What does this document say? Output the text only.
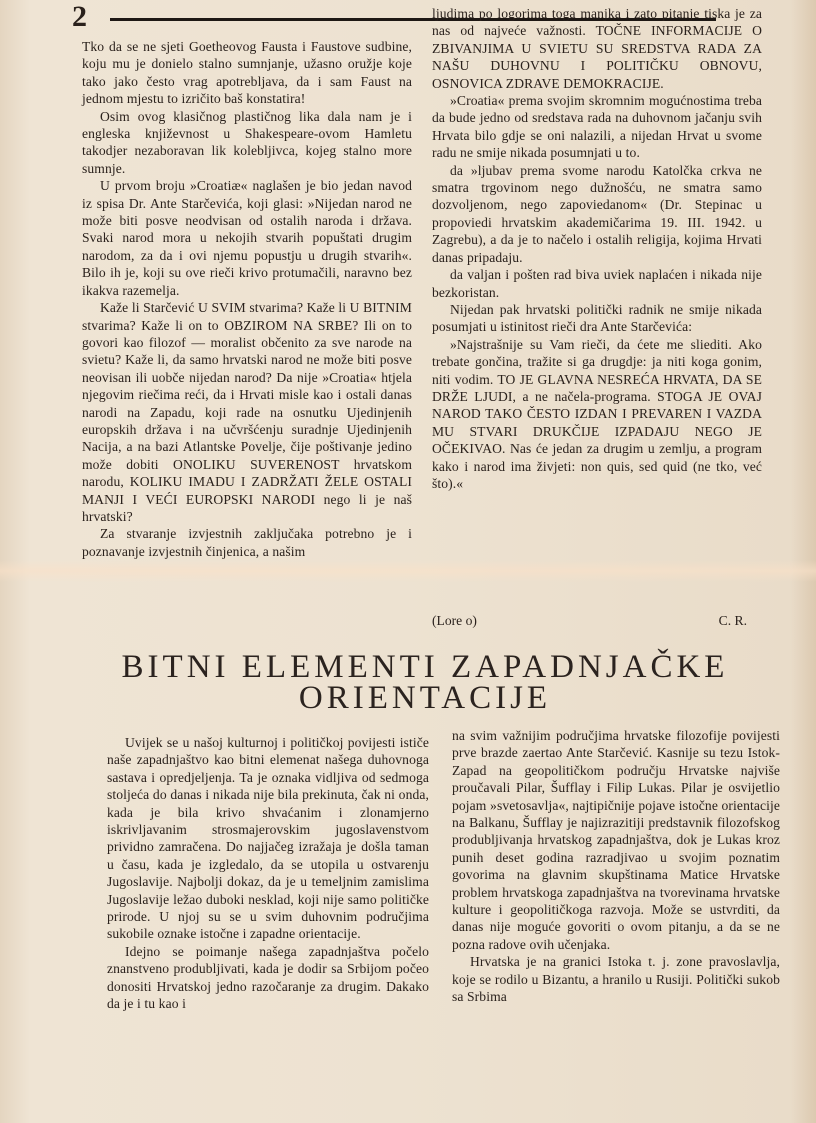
2

Tko da se ne sjeti Goetheovog Fausta i Faustove sudbine, koju mu je donielo stalno sumnjanje, užasno oružje koje tako jako često vrag apotrebljava, da i sam Faust na jednom mjestu to izričito baš konstatira!

Osim ovog klasičnog plastičnog lika dala nam je i engleska književnost u Shakespeare-ovom Hamletu takodjer nezaboravan lik kolebljivca, kojeg stalno more sumnje.

U prvom broju »Croatiæ« naglašen je bio jedan navod iz spisa Dr. Ante Starčevića, koji glasi: »Nijedan narod ne može biti posve neodvisan od ostalih naroda i država. Svaki narod mora u nekojih stvarih popuštati drugim narodom, za da i ovi njemu popustju u drugih stvarih«. Bilo ih je, koji su ove rieči krivo protumačili, naravno bez ikakva razemelja.

Kaže li Starčević U SVIM stvarima? Kaže li U BITNIM stvarima? Kaže li on to OBZIROM NA SRBE? Ili on to govori kao filozof — moralist občenito za sve narode na svietu? Kaže li, da samo hrvatski narod ne može biti posve neovisan ili uobče nijedan narod? Da nije »Croatia« htjela njegovim riečima reći, da i Hrvati misle kao i ostali danas narodi na Zapadu, koji rade na osnutku Ujedinjenih europskih država i na učvršćenju suradnje Ujedinjenih Nacija, a na bazi Atlantske Povelje, čije poštivanje jedino može dobiti ONOLIKU SUVERENOST hrvatskom narodu, KOLIKU IMADU I ZADRŽATI ŽELE OSTALI MANJI I VEĆI EUROPSKI NARODI nego li je naš hrvatski?

Za stvaranje izvjestnih zaključaka potrebno je i poznavanje izvjestnih činjenica, a našim

ljudima po logorima toga manjka i zato pitanje tiska je za nas od najveće važnosti. TOČNE INFORMACIJE O ZBIVANJIMA U SVIETU SU SREDSTVA RADA ZA NAŠU DUHOVNU I POLITIČKU OBNOVU, OSNOVICA ZDRAVE DEMOKRACIJE.

»Croatia« prema svojim skromnim mogućnostima treba da bude jedno od sredstava rada na duhovnom jačanju svih Hrvata bilo gdje se oni nalazili, a nijedan Hrvat u svome radu ne smije nikada posumnjati u to.

da »ljubav prema svome narodu Katolčka crkva ne smatra trgovinom nego dužnošću, ne smatra samo dozvoljenom, nego zapoviedanom« (Dr. Stepinac u propoviedi hrvatskim akademičarima 19. III. 1942. u Zagrebu), a da je to načelo i ostalih religija, kojima Hrvati danas pripadaju.

da valjan i pošten rad biva uviek naplaćen i nikada nije bezkoristan.

Nijedan pak hrvatski politički radnik ne smije nikada posumjati u istinitost rieči dra Ante Starčevića:

»Najstrašnije su Vam rieči, da ćete me sliediti. Ako trebate gončina, tražite si ga drugdje: ja niti koga gonim, niti vodim. TO JE GLAVNA NESREĆA HRVATA, DA SE DRŽE LJUDI, a ne načela-programa. STOGA JE OVAJ NAROD TAKO ČESTO IZDAN I PREVAREN I VAZDA MU STVARI DRUKČIJE IZPADAJU NEGO JE OČEKIVAO. Nas će jedan za drugim u zemlju, a program kako i narod ima živjeti: non quis, sed quid (ne tko, već što).«

(Lore o)	C. R.
BITNI ELEMENTI ZAPADNJAČKE
ORIENTACIJE

Uvijek se u našoj kulturnoj i političkoj povijesti ističe naše zapadnjaštvo kao bitni elemenat našega duhovnoga sastava i opredjeljenja. Ta je oznaka vidljiva od sedmoga stoljeća do danas i nikada nije bila prekinuta, čak ni onda, kada je bila krivo shvaćanim i zlonamjerno iskrivljavanim strosmajerovskim jugoslavenstvom prividno zamračena. Do najjačeg izražaja je došla taman u času, kada je izgledalo, da se utopila u ostvarenju Jugoslavije. Najbolji dokaz, da je u temeljnim zamislima Jugoslavije ležao duboki nesklad, koji nije samo političke prirode. U njoj su se u svim duhovnim područjima sukobile oznake istočne i zapadne orientacije.

Idejno se poimanje našega zapadnjaštva počelo znanstveno produbljivati, kada je dodir sa Srbijom počeo donositi Hrvatskoj jedno razočaranje za drugim. Dakako da je i tu kao i

na svim važnijim područjima hrvatske filozofije povijesti prve brazde zaertao Ante Starčević. Kasnije su tezu Istok-Zapad na geopolitičkom području Hrvatske najviše proučavali Pilar, Šufflay i Filip Lukas. Pilar je osvijetlio pojam »svetosavlja«, najtipičnije pojave istočne orientacije na Balkanu, Šufflay je najizrazitiji predstavnik filozofskog produbljivanja hrvatskog zapadnjaštva, dok je Lukas kroz punih deset godina razradjivao u svojim poznatim govorima na glavnim skupštinama Matice Hrvatske problem hrvatskoga zapadnjaštva na tvorevinama hrvatske kulture i geopolitičkoga razvoja. Može se ustvrditi, da danas nije moguće govoriti o ovom pitanju, a da se ne pozna radove ovih učenjaka.

Hrvatska je na granici Istoka t. j. zone pravoslavlja, koje se rodilo u Bizantu, a hranilo u Rusiji. Politički sukob sa Srbima
